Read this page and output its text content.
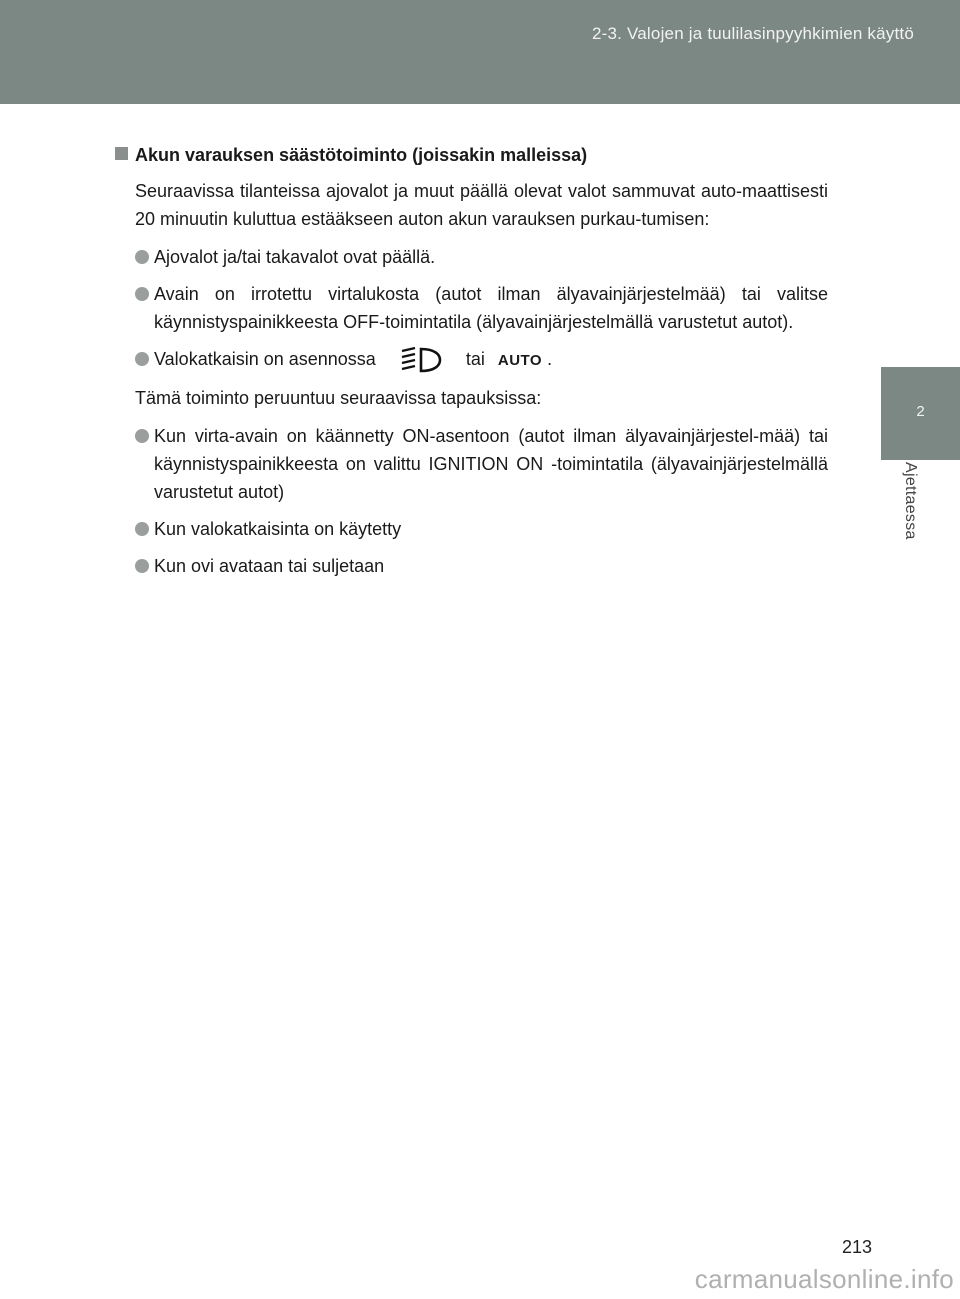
2-3. Valojen ja tuulilasinpyyhkimien käyttö
2
Ajettaessa
Akun varauksen säästötoiminto (joissakin malleissa)

Seuraavissa tilanteissa ajovalot ja muut päällä olevat valot sammuvat auto-maattisesti 20 minuutin kuluttua estääkseen auton akun varauksen purkau-tumisen:

Ajovalot ja/tai takavalot ovat päällä.
Avain on irrotettu virtalukosta (autot ilman älyavainjärjestelmää) tai valitse käynnistyspainikkeesta OFF-toimintatila (älyavainjärjestelmällä varustetut autot).
Valokatkaisin on asennossa	tai AUTO .

Tämä toiminto peruuntuu seuraavissa tapauksissa:

Kun virta-avain on käännetty ON-asentoon (autot ilman älyavainjärjestel-mää) tai käynnistyspainikkeesta on valittu IGNITION ON -toimintatila (älyavainjärjestelmällä varustetut autot)
Kun valokatkaisinta on käytetty
Kun ovi avataan tai suljetaan
213
carmanualsonline.info
